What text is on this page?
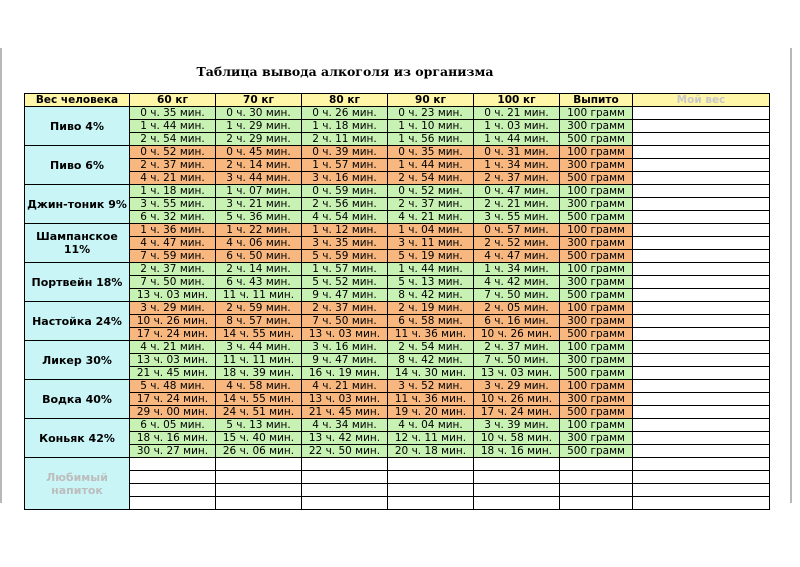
Таблица вывода алкоголя из организма
Вес человека	60 кг	70 кг	80 кг	90 кг	100 кг	Выпито	Мой вес
Пиво 4%	0 ч. 35 мин.	0 ч. 30 мин.	0 ч. 26 мин.	0 ч. 23 мин.	0 ч. 21 мин.	100 грамм	
	1 ч. 44 мин.	1 ч. 29 мин.	1 ч. 18 мин.	1 ч. 10 мин.	1 ч. 03 мин.	300 грамм	
	2 ч. 54 мин.	2 ч. 29 мин.	2 ч. 11 мин.	1 ч. 56 мин.	1 ч. 44 мин.	500 грамм	
Пиво 6%	0 ч. 52 мин.	0 ч. 45 мин.	0 ч. 39 мин.	0 ч. 35 мин.	0 ч. 31 мин.	100 грамм	
	2 ч. 37 мин.	2 ч. 14 мин.	1 ч. 57 мин.	1 ч. 44 мин.	1 ч. 34 мин.	300 грамм	
	4 ч. 21 мин.	3 ч. 44 мин.	3 ч. 16 мин.	2 ч. 54 мин.	2 ч. 37 мин.	500 грамм	
Джин-тоник 9%	1 ч. 18 мин.	1 ч. 07 мин.	0 ч. 59 мин.	0 ч. 52 мин.	0 ч. 47 мин.	100 грамм	
	3 ч. 55 мин.	3 ч. 21 мин.	2 ч. 56 мин.	2 ч. 37 мин.	2 ч. 21 мин.	300 грамм	
	6 ч. 32 мин.	5 ч. 36 мин.	4 ч. 54 мин.	4 ч. 21 мин.	3 ч. 55 мин.	500 грамм	
Шампанское 11%	1 ч. 36 мин.	1 ч. 22 мин.	1 ч. 12 мин.	1 ч. 04 мин.	0 ч. 57 мин.	100 грамм	
	4 ч. 47 мин.	4 ч. 06 мин.	3 ч. 35 мин.	3 ч. 11 мин.	2 ч. 52 мин.	300 грамм	
	7 ч. 59 мин.	6 ч. 50 мин.	5 ч. 59 мин.	5 ч. 19 мин.	4 ч. 47 мин.	500 грамм	
Портвейн 18%	2 ч. 37 мин.	2 ч. 14 мин.	1 ч. 57 мин.	1 ч. 44 мин.	1 ч. 34 мин.	100 грамм	
	7 ч. 50 мин.	6 ч. 43 мин.	5 ч. 52 мин.	5 ч. 13 мин.	4 ч. 42 мин.	300 грамм	
	13 ч. 03 мин.	11 ч. 11 мин.	9 ч. 47 мин.	8 ч. 42 мин.	7 ч. 50 мин.	500 грамм	
Настойка 24%	3 ч. 29 мин.	2 ч. 59 мин.	2 ч. 37 мин.	2 ч. 19 мин.	2 ч. 05 мин.	100 грамм	
	10 ч. 26 мин.	8 ч. 57 мин.	7 ч. 50 мин.	6 ч. 58 мин.	6 ч. 16 мин.	300 грамм	
	17 ч. 24 мин.	14 ч. 55 мин.	13 ч. 03 мин.	11 ч. 36 мин.	10 ч. 26 мин.	500 грамм	
Ликер 30%	4 ч. 21 мин.	3 ч. 44 мин.	3 ч. 16 мин.	2 ч. 54 мин.	2 ч. 37 мин.	100 грамм	
	13 ч. 03 мин.	11 ч. 11 мин.	9 ч. 47 мин.	8 ч. 42 мин.	7 ч. 50 мин.	300 грамм	
	21 ч. 45 мин.	18 ч. 39 мин.	16 ч. 19 мин.	14 ч. 30 мин.	13 ч. 03 мин.	500 грамм	
Водка 40%	5 ч. 48 мин.	4 ч. 58 мин.	4 ч. 21 мин.	3 ч. 52 мин.	3 ч. 29 мин.	100 грамм	
	17 ч. 24 мин.	14 ч. 55 мин.	13 ч. 03 мин.	11 ч. 36 мин.	10 ч. 26 мин.	300 грамм	
	29 ч. 00 мин.	24 ч. 51 мин.	21 ч. 45 мин.	19 ч. 20 мин.	17 ч. 24 мин.	500 грамм	
Коньяк 42%	6 ч. 05 мин.	5 ч. 13 мин.	4 ч. 34 мин.	4 ч. 04 мин.	3 ч. 39 мин.	100 грамм	
	18 ч. 16 мин.	15 ч. 40 мин.	13 ч. 42 мин.	12 ч. 11 мин.	10 ч. 58 мин.	300 грамм	
	30 ч. 27 мин.	26 ч. 06 мин.	22 ч. 50 мин.	20 ч. 18 мин.	18 ч. 16 мин.	500 грамм	
Любимый напиток							
